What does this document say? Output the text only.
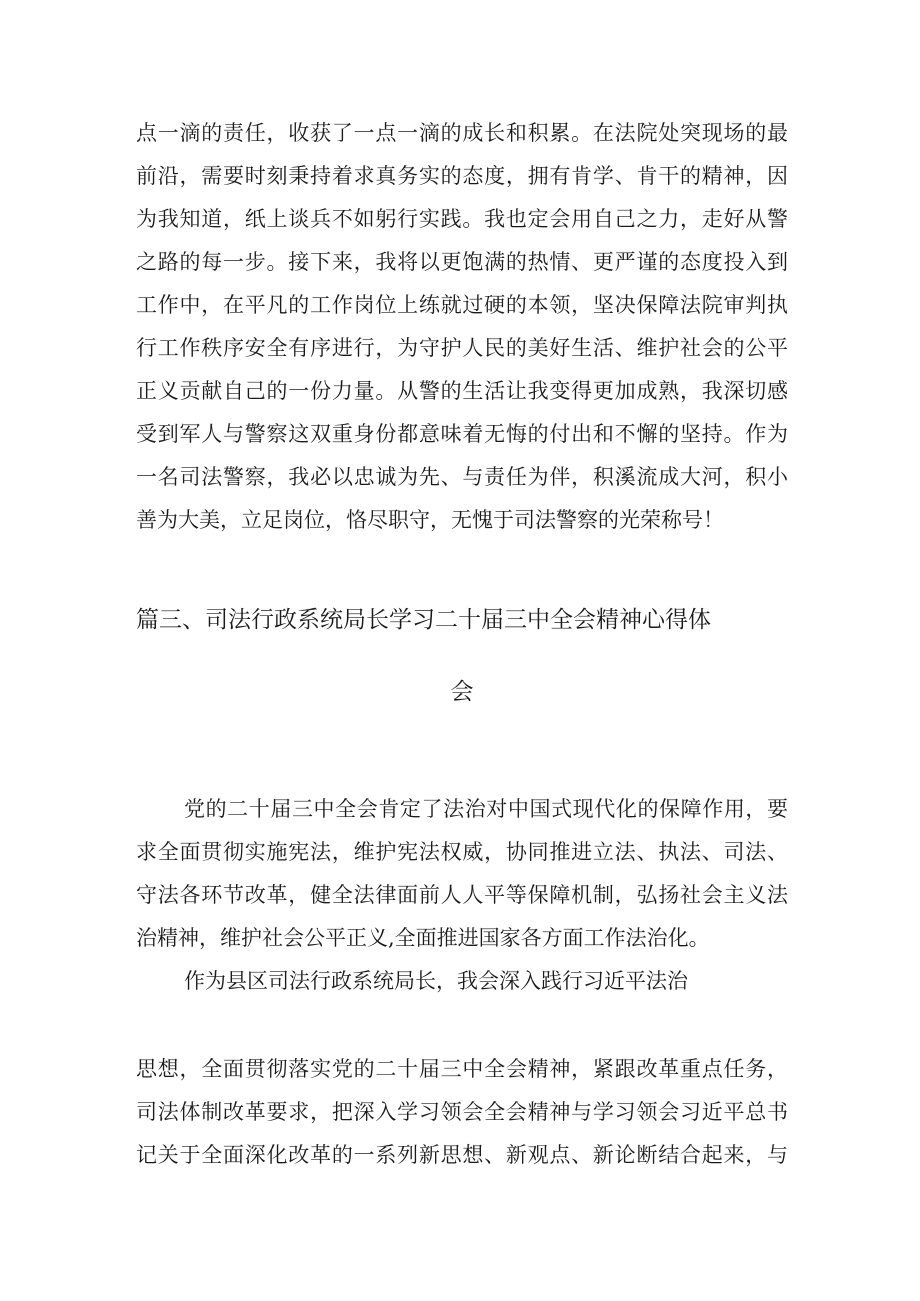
点一滴的责任，收获了一点一滴的成长和积累。在法院处突现场的最
前沿，需要时刻秉持着求真务实的态度，拥有肯学、肯干的精神，因
为我知道，纸上谈兵不如躬行实践。我也定会用自己之力，走好从警
之路的每一步。接下来，我将以更饱满的热情、更严谨的态度投入到
工作中，在平凡的工作岗位上练就过硬的本领，坚决保障法院审判执
行工作秩序安全有序进行，为守护人民的美好生活、维护社会的公平
正义贡献自己的一份力量。从警的生活让我变得更加成熟，我深切感
受到军人与警察这双重身份都意味着无悔的付出和不懈的坚持。作为
一名司法警察，我必以忠诚为先、与责任为伴，积溪流成大河，积小
善为大美，立足岗位，恪尽职守，无愧于司法警察的光荣称号！
篇三、司法行政系统局长学习二十届三中全会精神心得体
会
党的二十届三中全会肯定了法治对中国式现代化的保障作用，要
求全面贯彻实施宪法，维护宪法权威，协同推进立法、执法、司法、
守法各环节改革，健全法律面前人人平等保障机制，弘扬社会主义法
治精神，维护社会公平正义,全面推进国家各方面工作法治化。
作为县区司法行政系统局长，我会深入践行习近平法治
思想，全面贯彻落实党的二十届三中全会精神，紧跟改革重点任务，
司法体制改革要求，把深入学习领会全会精神与学习领会习近平总书
记关于全面深化改革的一系列新思想、新观点、新论断结合起来，与
